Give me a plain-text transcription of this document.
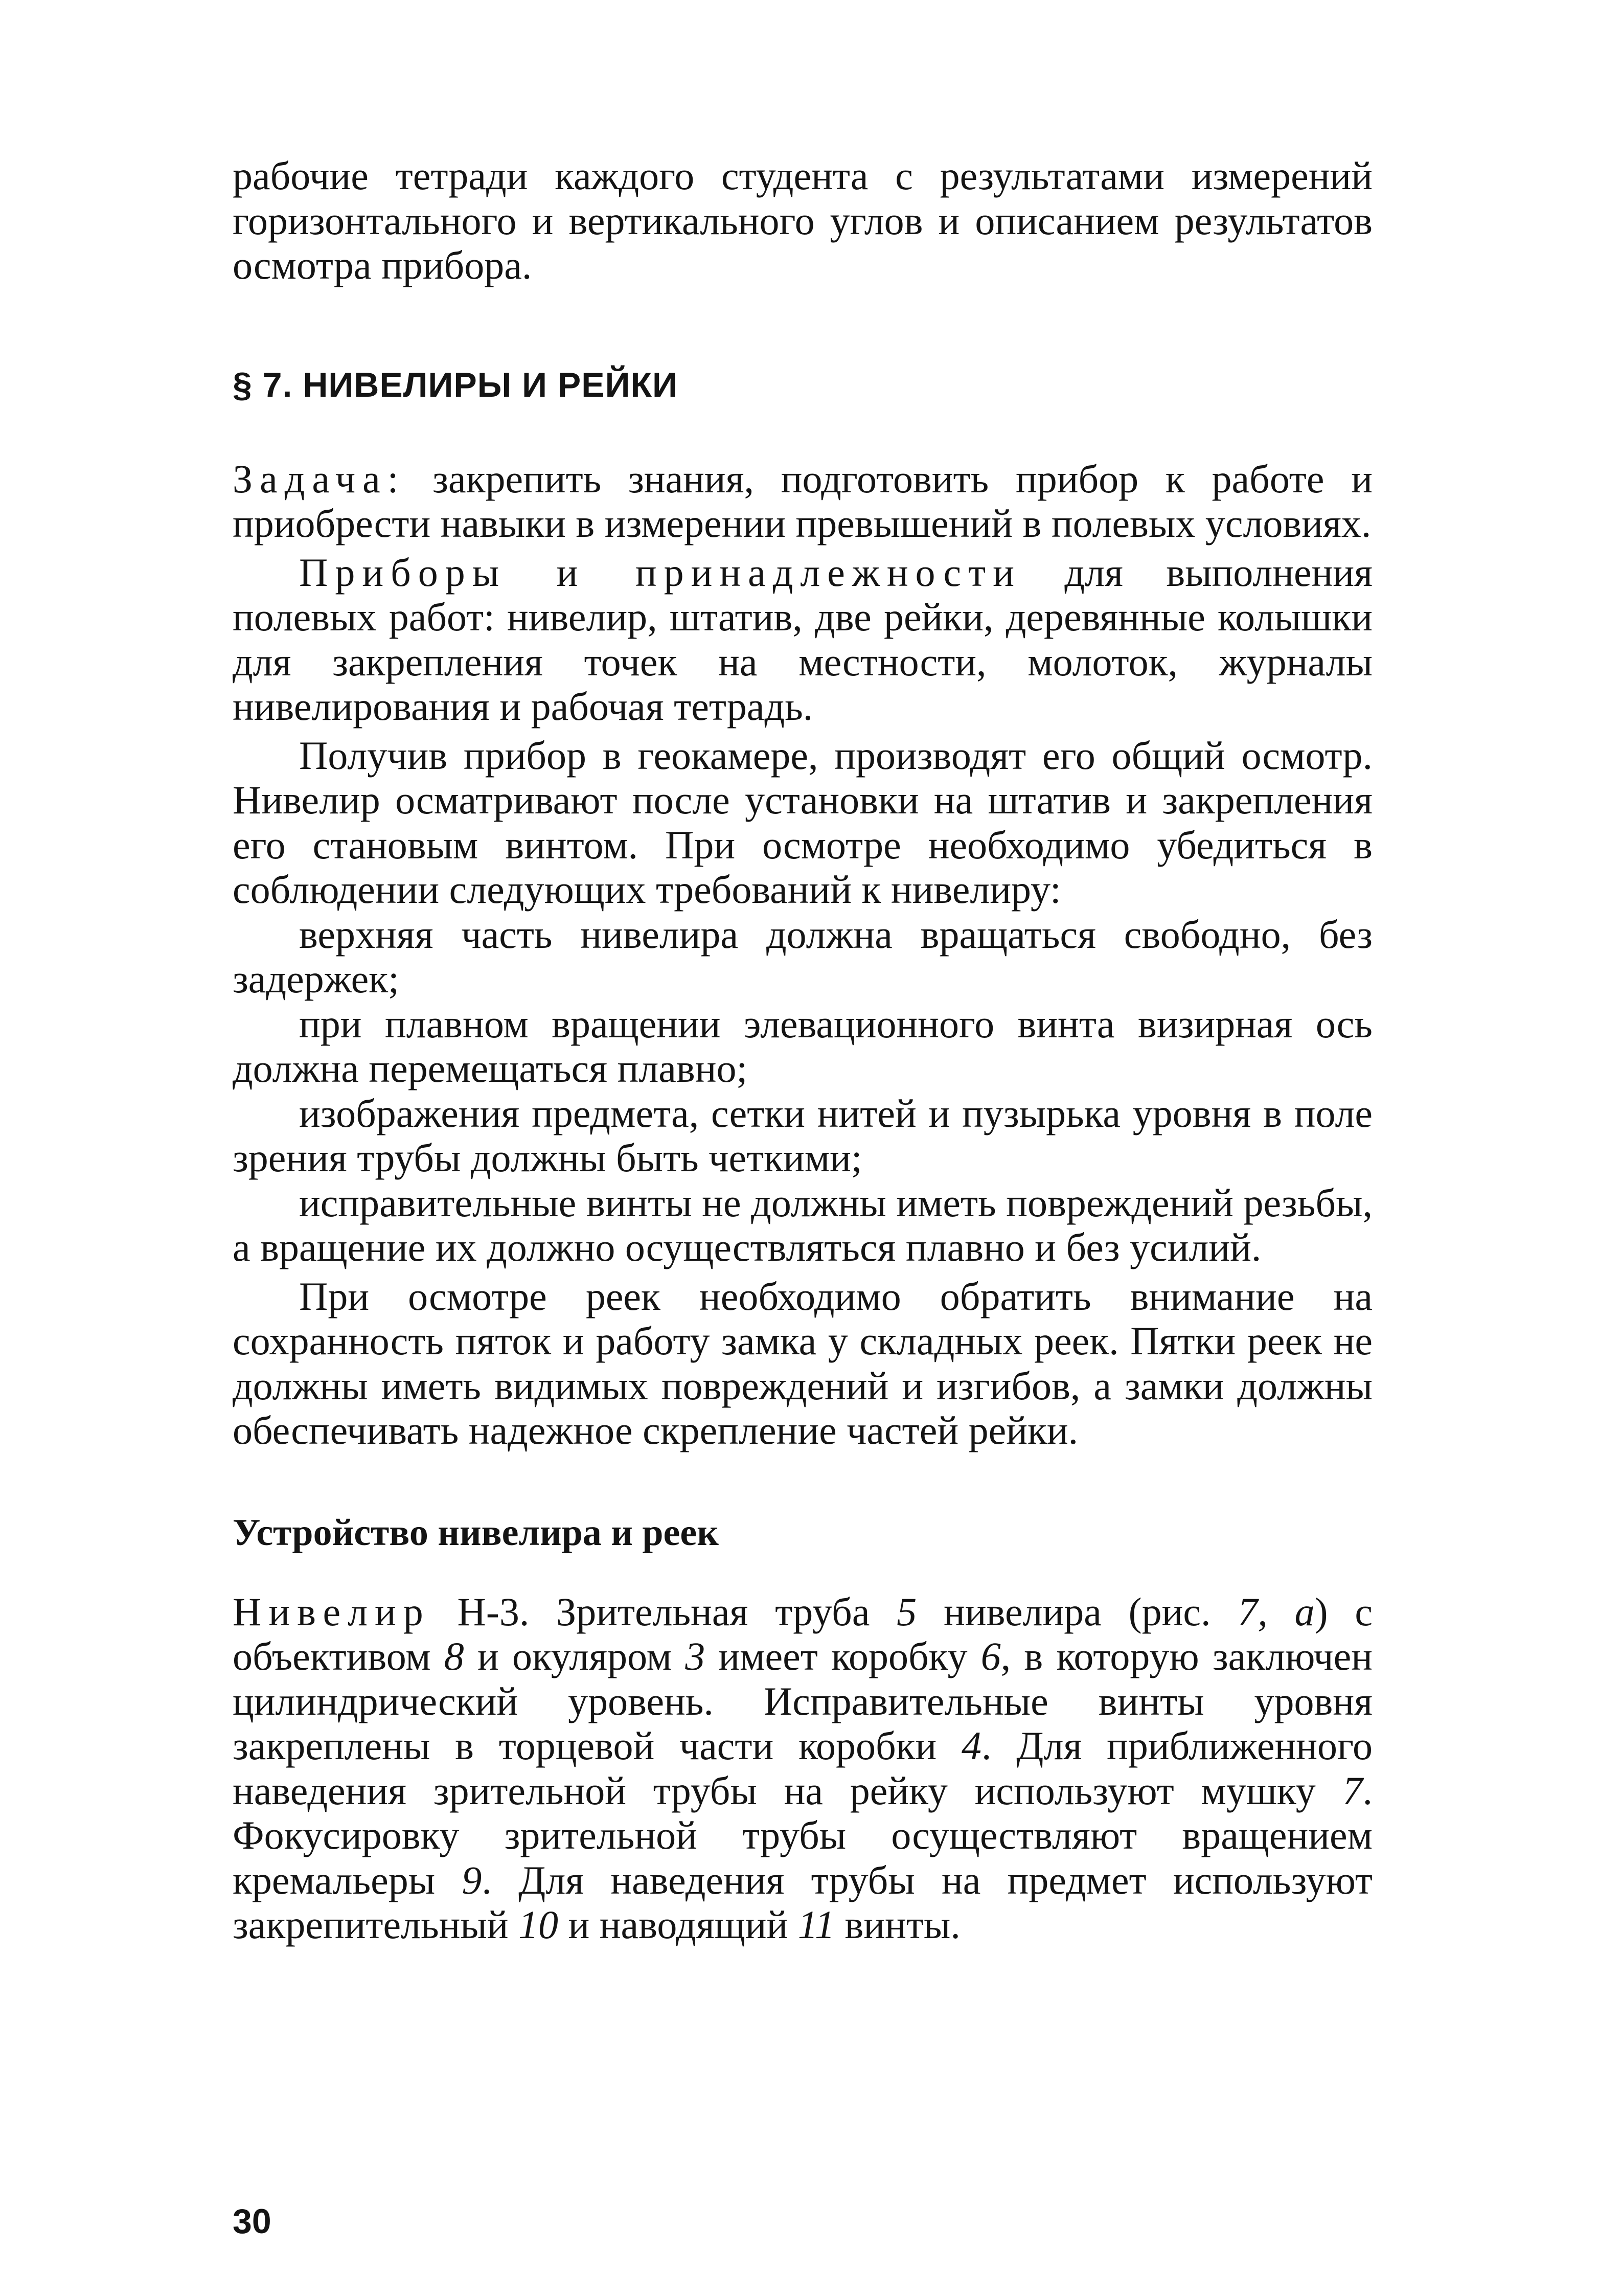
рабочие тетради каждого студента с результатами измерений горизонтального и вертикального углов и описанием результатов осмотра прибора.

§ 7. НИВЕЛИРЫ И РЕЙКИ

Задача: закрепить знания, подготовить прибор к работе и приобрести навыки в измерении превышений в полевых условиях.

Приборы и принадлежности для выполнения полевых работ: нивелир, штатив, две рейки, деревянные колышки для закрепления точек на местности, молоток, журналы нивелирования и рабочая тетрадь.

Получив прибор в геокамере, производят его общий осмотр. Нивелир осматривают после установки на штатив и закрепления его становым винтом. При осмотре необходимо убедиться в соблюдении следующих требований к нивелиру:

верхняя часть нивелира должна вращаться свободно, без задержек;

при плавном вращении элевационного винта визирная ось должна перемещаться плавно;

изображения предмета, сетки нитей и пузырька уровня в поле зрения трубы должны быть четкими;

исправительные винты не должны иметь повреждений резьбы, а вращение их должно осуществляться плавно и без усилий.

При осмотре реек необходимо обратить внимание на сохранность пяток и работу замка у складных реек. Пятки реек не должны иметь видимых повреждений и изгибов, а замки должны обеспечивать надежное скрепление частей рейки.

Устройство нивелира и реек

Нивелир Н-3. Зрительная труба 5 нивелира (рис. 7, а) с объективом 8 и окуляром 3 имеет коробку 6, в которую заключен цилиндрический уровень. Исправительные винты уровня закреплены в торцевой части коробки 4. Для приближенного наведения зрительной трубы на рейку используют мушку 7. Фокусировку зрительной трубы осуществляют вращением кремальеры 9. Для наведения трубы на предмет используют закрепительный 10 и наводящий 11 винты.

30
